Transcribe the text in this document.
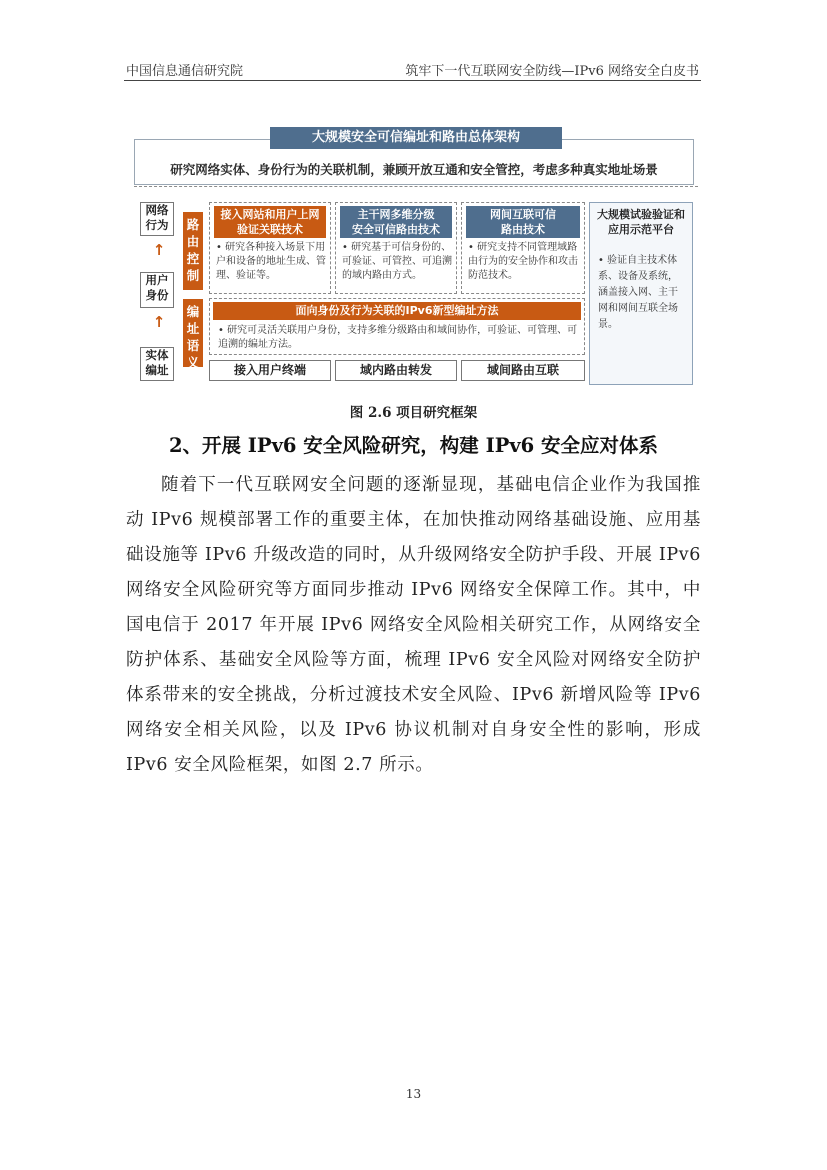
中国信息通信研究院	筑牢下一代互联网安全防线—IPv6 网络安全白皮书
研究网络实体、身份行为的关联机制，兼顾开放互通和安全管控，考虑多种真实地址场景
大规模安全可信编址和路由总体架构
网络
行为
↑
用户
身份
↑
实体
编址
路
由
控
制
编
址
语
义
接入网站和用户上网
验证关联技术
• 研究各种接入场景下用户和设备的地址生成、管理、验证等。
主干网多维分级
安全可信路由技术
• 研究基于可信身份的、可验证、可管控、可追溯的域内路由方式。
网间互联可信
路由技术
• 研究支持不同管理域路由行为的安全协作和攻击防范技术。
面向身份及行为关联的IPv6新型编址方法
• 研究可灵活关联用户身份，支持多维分级路由和域间协作，可验证、可管理、可追溯的编址方法。
大规模试验验证和
应用示范平台
• 验证自主技术体系、设备及系统，涵盖接入网、主干网和网间互联全场景。
接入用户终端	域内路由转发	域间路由互联
图 2.6 项目研究框架
2、开展 IPv6 安全风险研究，构建 IPv6 安全应对体系
随着下一代互联网安全问题的逐渐显现，基础电信企业作为我国推动 IPv6 规模部署工作的重要主体，在加快推动网络基础设施、应用基础设施等 IPv6 升级改造的同时，从升级网络安全防护手段、开展 IPv6 网络安全风险研究等方面同步推动 IPv6 网络安全保障工作。其中，中国电信于 2017 年开展 IPv6 网络安全风险相关研究工作，从网络安全防护体系、基础安全风险等方面，梳理 IPv6 安全风险对网络安全防护体系带来的安全挑战，分析过渡技术安全风险、IPv6 新增风险等 IPv6 网络安全相关风险，以及 IPv6 协议机制对自身安全性的影响，形成 IPv6 安全风险框架，如图 2.7 所示。
13
